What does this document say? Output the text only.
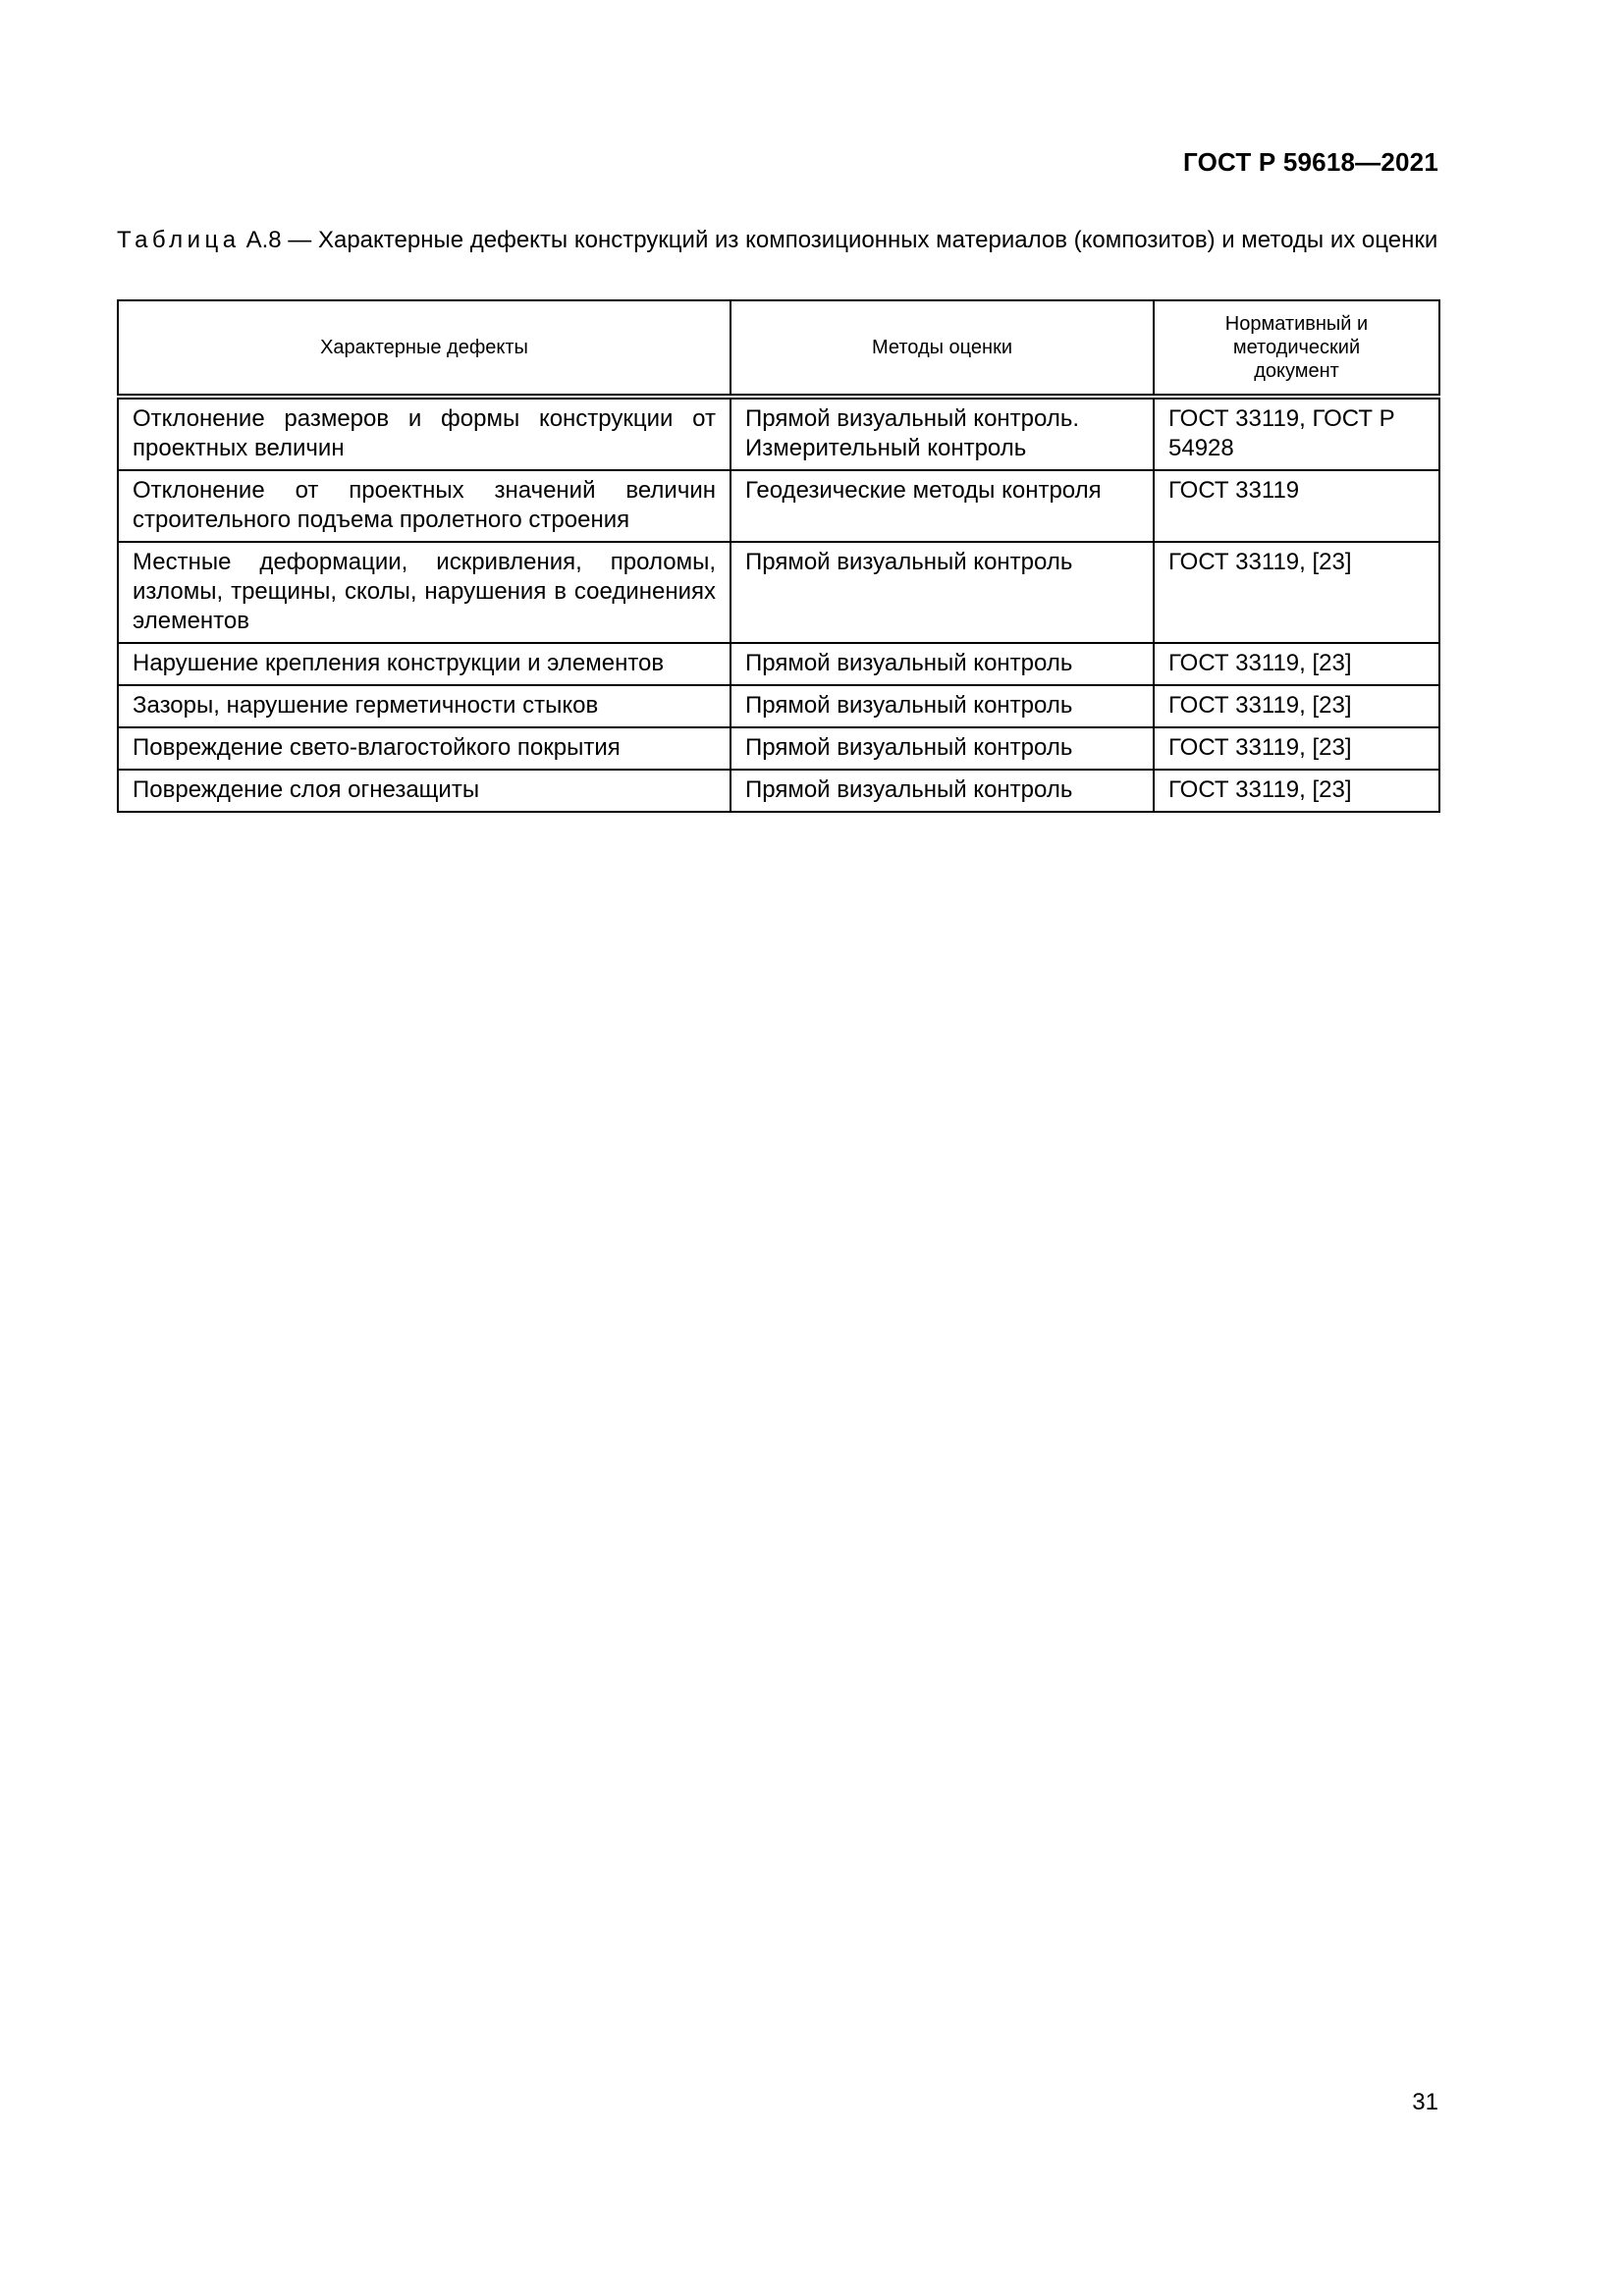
ГОСТ Р 59618—2021
Таблица А.8 — Характерные дефекты конструкций из композиционных материалов (композитов) и методы их оценки
Характерные дефекты	Методы оценки	Нормативный и методический документ
Отклонение размеров и формы конструкции от проектных величин	Прямой визуальный контроль. Измерительный контроль	ГОСТ 33119, ГОСТ Р 54928
Отклонение от проектных значений величин строительного подъема пролетного строения	Геодезические методы контроля	ГОСТ 33119
Местные деформации, искривления, проломы, изломы, трещины, сколы, нарушения в соединениях элементов	Прямой визуальный контроль	ГОСТ 33119, [23]
Нарушение крепления конструкции и элементов	Прямой визуальный контроль	ГОСТ 33119, [23]
Зазоры, нарушение герметичности стыков	Прямой визуальный контроль	ГОСТ 33119, [23]
Повреждение свето-влагостойкого покрытия	Прямой визуальный контроль	ГОСТ 33119, [23]
Повреждение слоя огнезащиты	Прямой визуальный контроль	ГОСТ 33119, [23]
31
